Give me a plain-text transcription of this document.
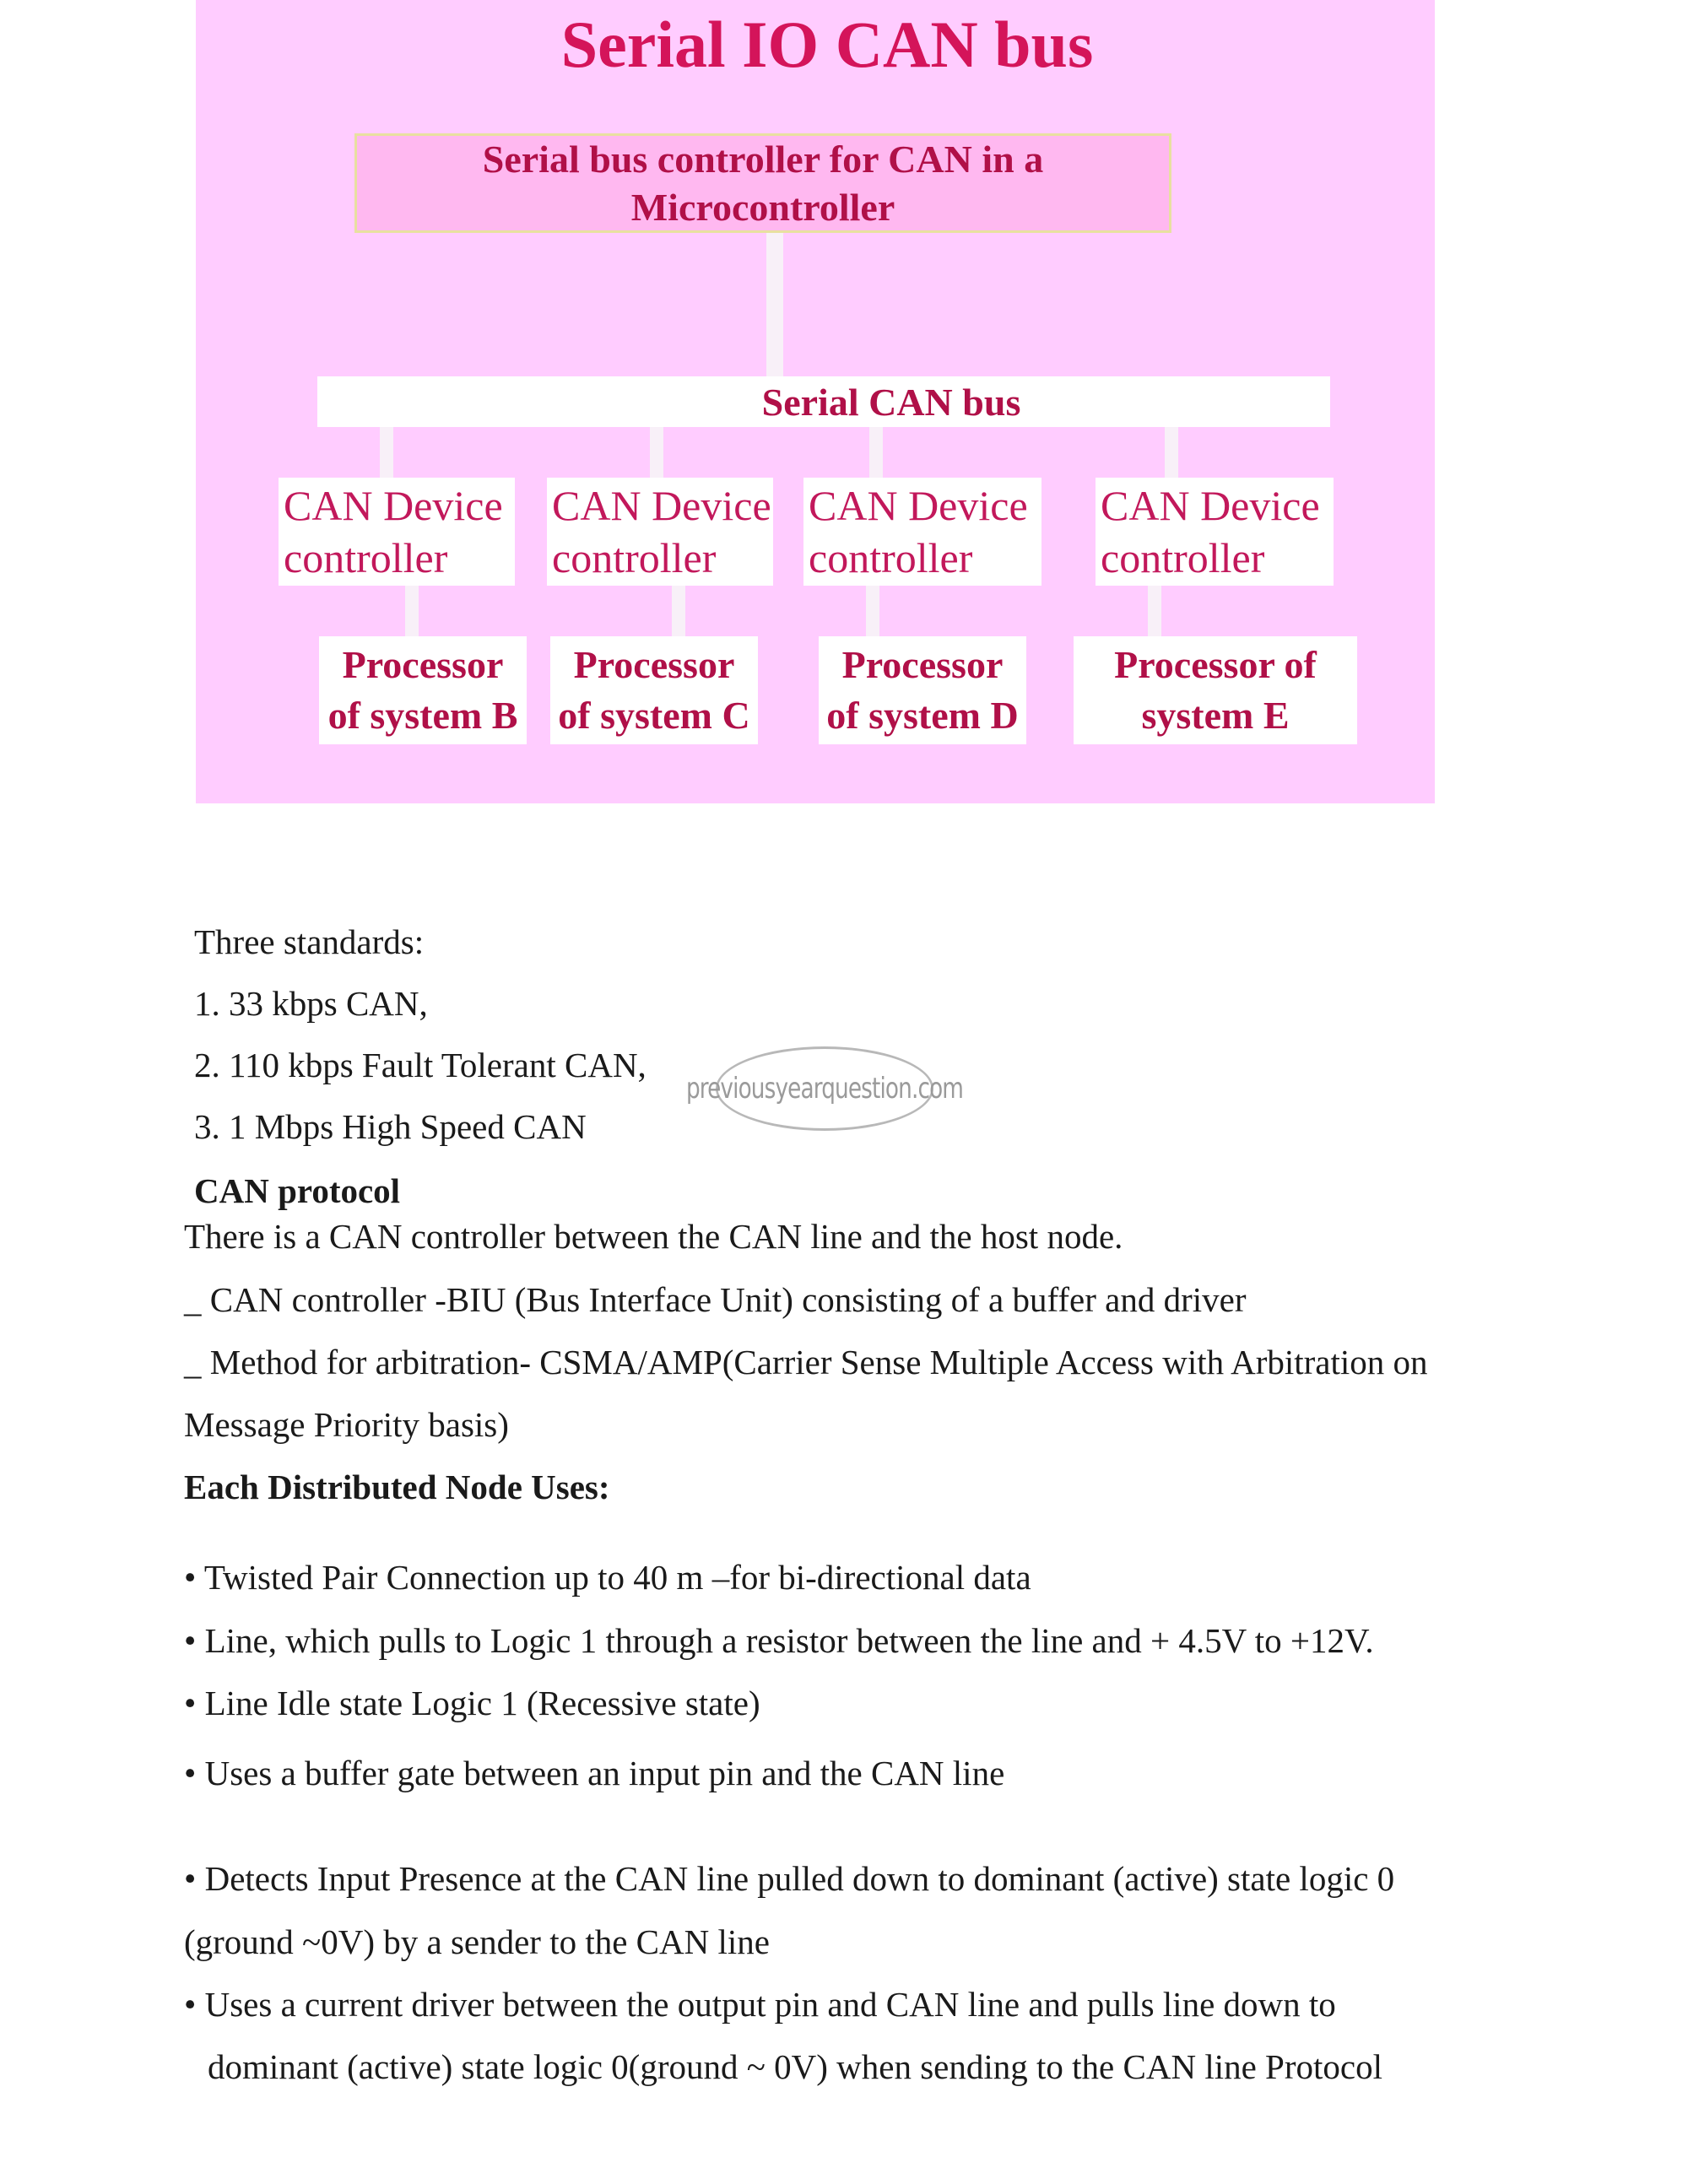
Serial IO CAN bus
Serial bus controller for CAN in a
Microcontroller
Serial CAN bus
CAN Device
controller
CAN Device
controller
CAN Device
controller
CAN Device
controller
Processor
of system B
Processor
of system C
Processor
of system D
Processor of
system E
Three standards:
1. 33 kbps CAN,
2. 110 kbps Fault Tolerant CAN,
3. 1 Mbps High Speed CAN
previousyearquestion.com
CAN protocol
There is a CAN controller between the CAN line and the host node.
_ CAN controller -BIU (Bus Interface Unit) consisting of a buffer and driver
_ Method for arbitration- CSMA/AMP(Carrier Sense Multiple Access with Arbitration on
Message Priority basis)
Each Distributed Node Uses:
• Twisted Pair Connection up to 40 m –for bi-directional data
• Line, which pulls to Logic 1 through a resistor between the line and + 4.5V to +12V.
• Line Idle state Logic 1 (Recessive state)
• Uses a buffer gate between an input pin and the CAN line
• Detects Input Presence at the CAN line pulled down to dominant (active) state logic 0
(ground ~0V) by a sender to the CAN line
• Uses a current driver between the output pin and CAN line and pulls line down to
dominant (active) state logic 0(ground ~ 0V) when sending to the CAN line Protocol
